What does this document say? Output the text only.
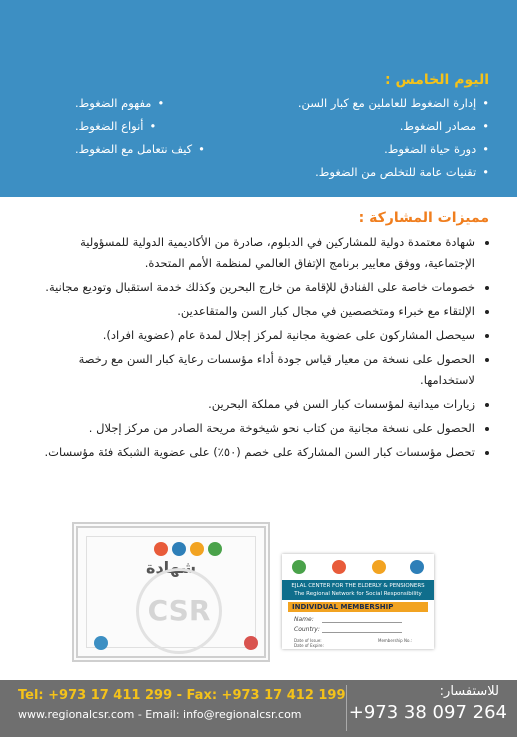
اليوم الخامس :
• إدارة الضغوط للعاملين مع كبار السن.
• مصادر الضغوط.
• دورة حياة الضغوط.
• تقنيات عامة للتخلص من الضغوط.
• مفهوم الضغوط.
• أنواع الضغوط.
• كيف نتعامل مع الضغوط.
مميزات المشاركة :
• شهادة معتمدة دولية للمشاركين في الدبلوم، صادرة من الأكاديمية الدولية للمسؤولية الإجتماعية، ووفق معايير برنامج الإتفاق العالمي لمنظمة الأمم المتحدة.
• خصومات خاصة على الفنادق للإقامة من خارج البحرين وكذلك خدمة استقبال وتوديع مجانية.
• الإلتقاء مع خبراء ومتخصصين في مجال كبار السن والمتقاعدين.
• سيحصل المشاركون على عضوية مجانية لمركز إجلال لمدة عام (عضوية افراد).
• الحصول على نسخة من معيار قياس جودة أداء مؤسسات رعاية كبار السن مع رخصة لاستخدامها.
• زيارات ميدانية لمؤسسات كبار السن في مملكة البحرين.
• الحصول على نسخة مجانية من كتاب نحو شيخوخة مريحة الصادر من مركز إجلال .
• تحصل مؤسسات كبار السن المشاركة على خصم (٥٠٪) على عضوية الشبكة فئة مؤسسات.
شهادة
CSR
EJLAL CENTER FOR THE ELDERLY & PENSIONERS
The Regional Network for Social Responsibility
INDIVIDUAL MEMBERSHIP
Name:
Country:
Date of Issue:
Date of Expire:
Membership No.:
Tel: +973 17 411 299 - Fax: +973 17 412 199
www.regionalcsr.com - Email: info@regionalcsr.com
للاستفسار:
+973 38 097 264
